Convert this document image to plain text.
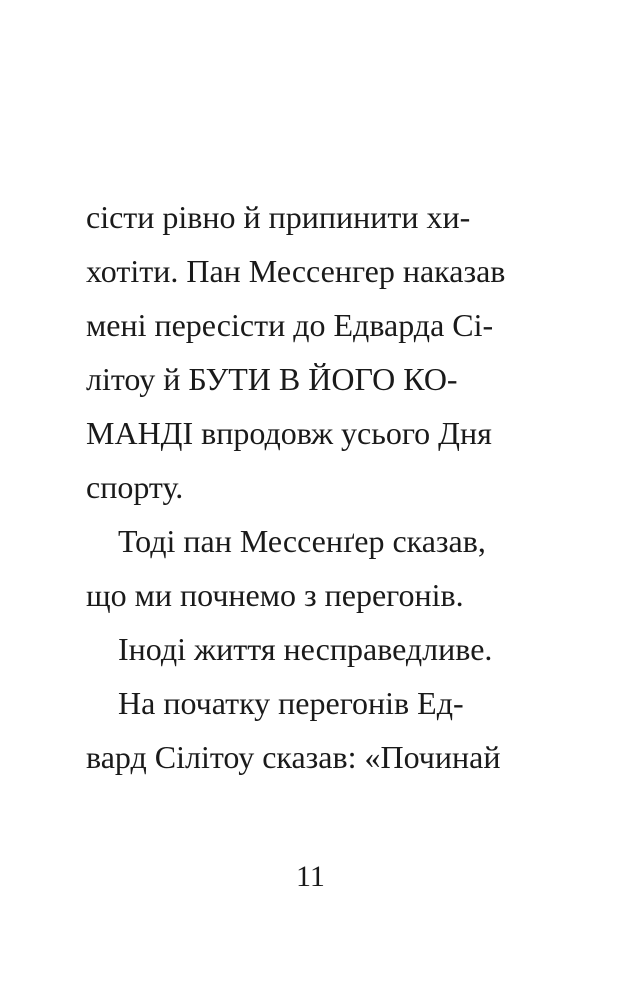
сісти рівно й припинити хи-
хотіти. Пан Мессенгер наказав
мені пересісти до Едварда Сі-
літоу й БУТИ В ЙОГО КО-
МАНДІ впродовж усього Дня
спорту.
Тоді пан Мессенґер сказав,
що ми почнемо з перегонів.
Іноді життя несправедливе.
На початку перегонів Ед-
вард Сілітоу сказав: «Починай
11
